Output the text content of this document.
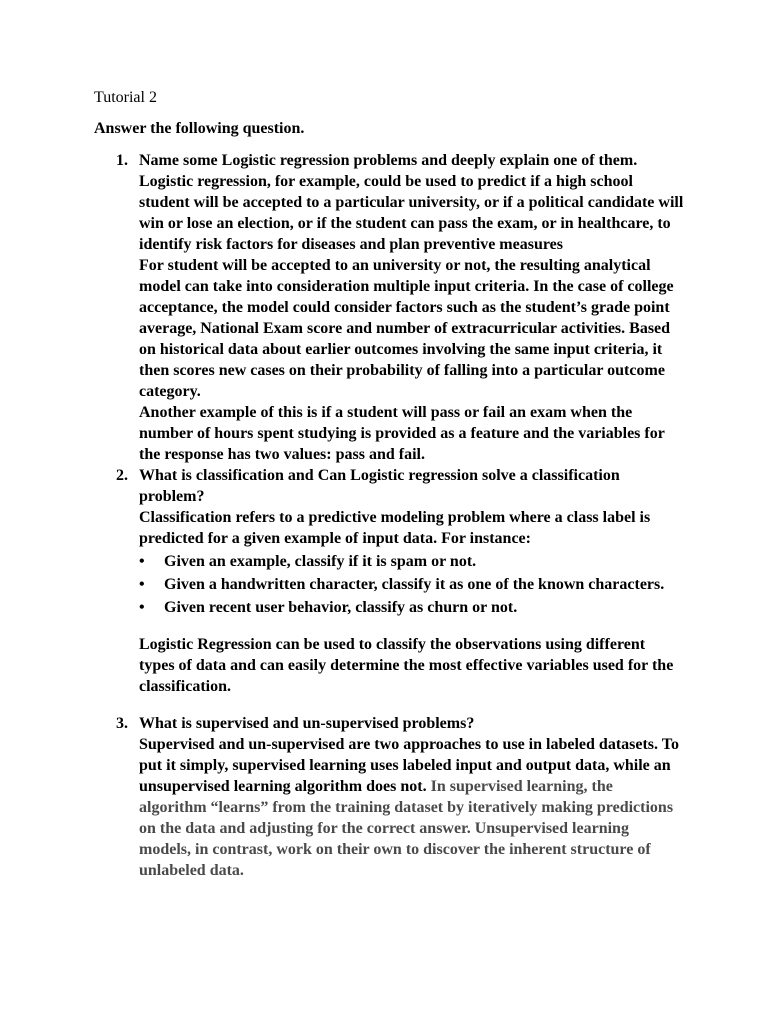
Tutorial 2
Answer the following question.
1. Name some Logistic regression problems and deeply explain one of them.
Logistic regression, for example, could be used to predict if a high school student will be accepted to a particular university, or if a political candidate will win or lose an election, or if the student can pass the exam, or in healthcare, to identify risk factors for diseases and plan preventive measures
For student will be accepted to an university or not, the resulting analytical model can take into consideration multiple input criteria. In the case of college acceptance, the model could consider factors such as the student’s grade point average, National Exam score and number of extracurricular activities. Based on historical data about earlier outcomes involving the same input criteria, it then scores new cases on their probability of falling into a particular outcome category.
Another example of this is if a student will pass or fail an exam when the number of hours spent studying is provided as a feature and the variables for the response has two values: pass and fail.
2. What is classification and Can Logistic regression solve a classification problem?
Classification refers to a predictive modeling problem where a class label is predicted for a given example of input data. For instance:
• Given an example, classify if it is spam or not.
• Given a handwritten character, classify it as one of the known characters.
• Given recent user behavior, classify as churn or not.
Logistic Regression can be used to classify the observations using different types of data and can easily determine the most effective variables used for the classification.
3. What is supervised and un-supervised problems?
Supervised and un-supervised are two approaches to use in labeled datasets. To put it simply, supervised learning uses labeled input and output data, while an unsupervised learning algorithm does not. In supervised learning, the algorithm “learns” from the training dataset by iteratively making predictions on the data and adjusting for the correct answer. Unsupervised learning models, in contrast, work on their own to discover the inherent structure of unlabeled data.
